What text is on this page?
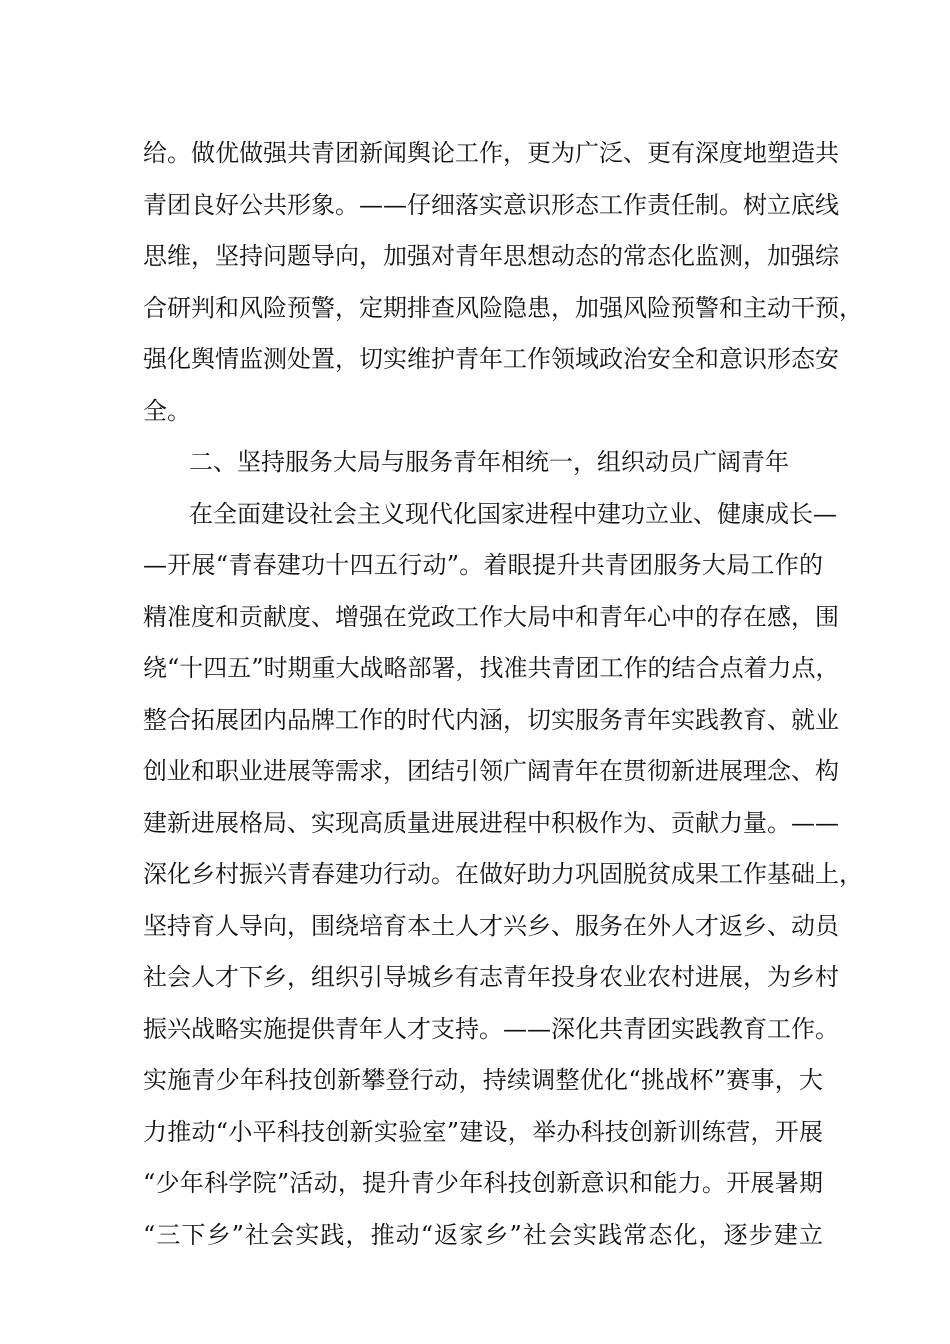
给。做优做强共青团新闻舆论工作，更为广泛、更有深度地塑造共
青团良好公共形象。——仔细落实意识形态工作责任制。树立底线
思维，坚持问题导向，加强对青年思想动态的常态化监测，加强综
合研判和风险预警，定期排查风险隐患，加强风险预警和主动干预，
强化舆情监测处置，切实维护青年工作领域政治安全和意识形态安
全。
二、坚持服务大局与服务青年相统一，组织动员广阔青年
在全面建设社会主义现代化国家进程中建功立业、健康成长—
—开展“青春建功十四五行动”。着眼提升共青团服务大局工作的
精准度和贡献度、增强在党政工作大局中和青年心中的存在感，围
绕“十四五”时期重大战略部署，找准共青团工作的结合点着力点，
整合拓展团内品牌工作的时代内涵，切实服务青年实践教育、就业
创业和职业进展等需求，团结引领广阔青年在贯彻新进展理念、构
建新进展格局、实现高质量进展进程中积极作为、贡献力量。——
深化乡村振兴青春建功行动。在做好助力巩固脱贫成果工作基础上，
坚持育人导向，围绕培育本土人才兴乡、服务在外人才返乡、动员
社会人才下乡，组织引导城乡有志青年投身农业农村进展，为乡村
振兴战略实施提供青年人才支持。——深化共青团实践教育工作。
实施青少年科技创新攀登行动，持续调整优化“挑战杯”赛事，大
力推动“小平科技创新实验室”建设，举办科技创新训练营，开展
“少年科学院”活动，提升青少年科技创新意识和能力。开展暑期
“三下乡”社会实践，推动“返家乡”社会实践常态化，逐步建立
